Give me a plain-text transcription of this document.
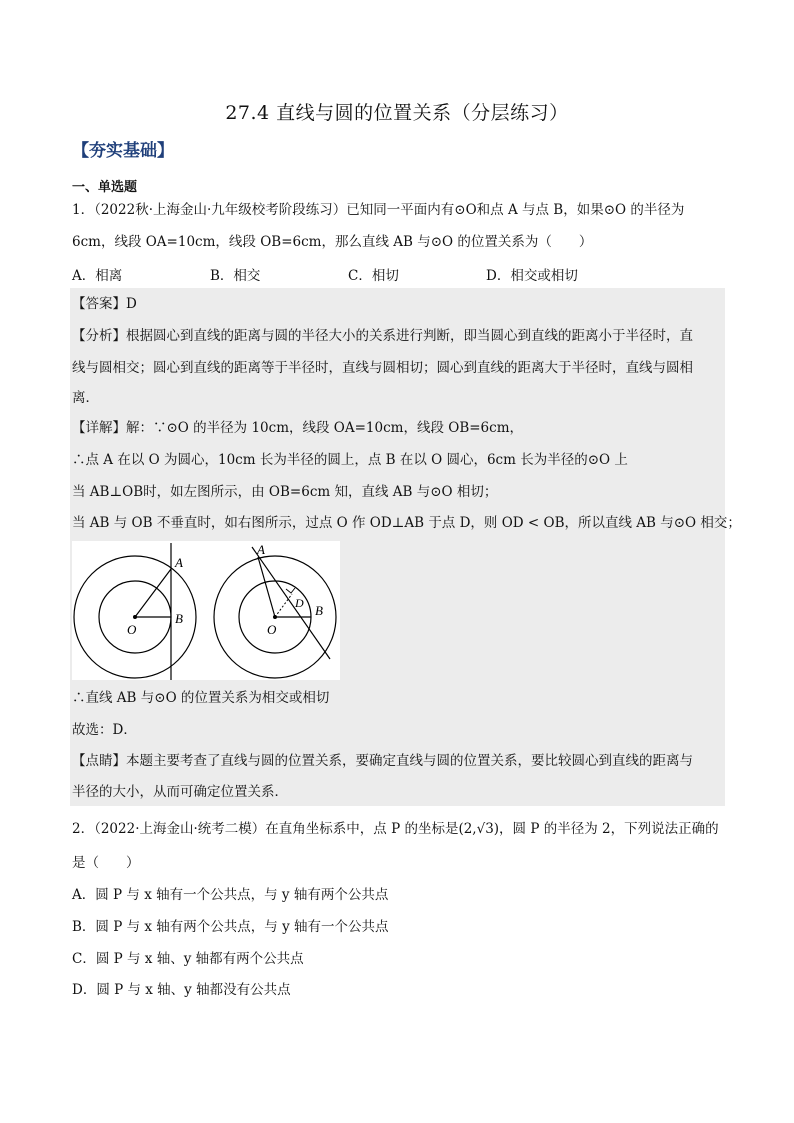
27.4 直线与圆的位置关系（分层练习）
【夯实基础】
一、单选题
1．（2022秋·上海金山·九年级校考阶段练习）已知同一平面内有⊙O和点 A 与点 B，如果⊙O 的半径为
6cm，线段 OA=10cm，线段 OB=6cm，那么直线 AB 与⊙O 的位置关系为（　　）
A．相离	B．相交	C．相切	D．相交或相切
【答案】D
【分析】根据圆心到直线的距离与圆的半径大小的关系进行判断，即当圆心到直线的距离小于半径时，直
线与圆相交；圆心到直线的距离等于半径时，直线与圆相切；圆心到直线的距离大于半径时，直线与圆相
离．
【详解】解：∵⊙O 的半径为 10cm，线段 OA=10cm，线段 OB=6cm，
∴点 A 在以 O 为圆心，10cm 长为半径的圆上，点 B 在以 O 圆心，6cm 长为半径的⊙O 上
当 AB⊥OB时，如左图所示，由 OB=6cm 知，直线 AB 与⊙O 相切；
当 AB 与 OB 不垂直时，如右图所示，过点 O 作 OD⊥AB 于点 D，则 OD < OB，所以直线 AB 与⊙O 相交；
A
B
O
A
B
D
O
∴直线 AB 与⊙O 的位置关系为相交或相切
故选：D．
【点睛】本题主要考查了直线与圆的位置关系，要确定直线与圆的位置关系，要比较圆心到直线的距离与
半径的大小，从而可确定位置关系．
2．（2022·上海金山·统考二模）在直角坐标系中，点 P 的坐标是(2,√3)，圆 P 的半径为 2，下列说法正确的
是（　　）
A．圆 P 与 x 轴有一个公共点，与 y 轴有两个公共点
B．圆 P 与 x 轴有两个公共点，与 y 轴有一个公共点
C．圆 P 与 x 轴、y 轴都有两个公共点
D．圆 P 与 x 轴、y 轴都没有公共点
